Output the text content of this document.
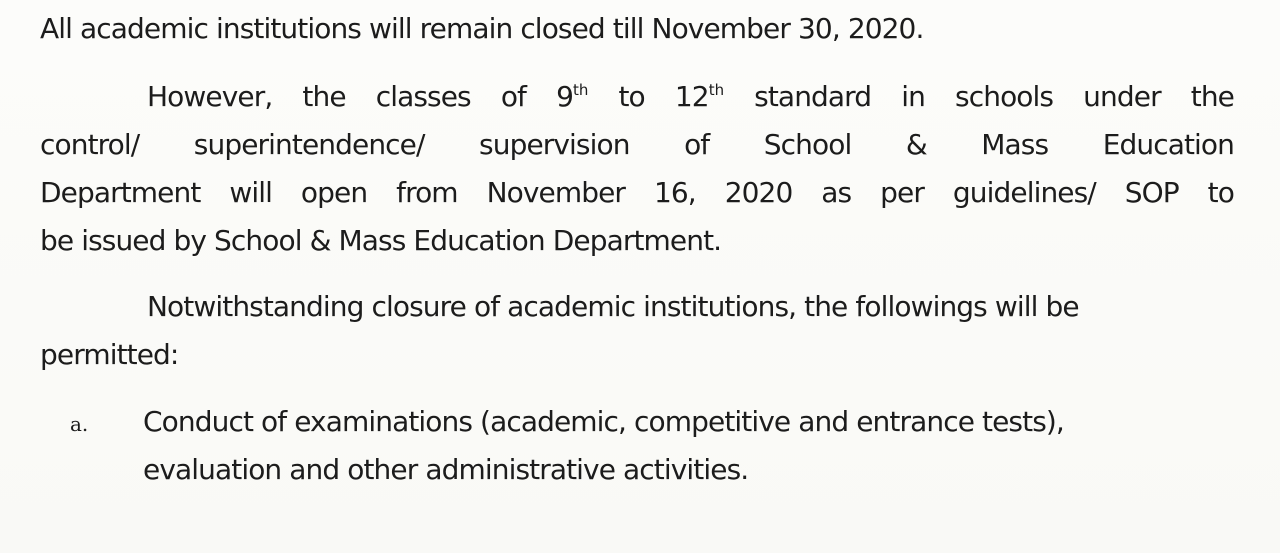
All academic institutions will remain closed till November 30, 2020.
However, the classes of 9th to 12th standard in schools under the
control/ superintendence/ supervision of School & Mass Education
Department will open from November 16, 2020 as per guidelines/ SOP to
be issued by School & Mass Education Department.
Notwithstanding closure of academic institutions, the followings will be
permitted:
a. Conduct of examinations (academic, competitive and entrance tests),
evaluation and other administrative activities.
